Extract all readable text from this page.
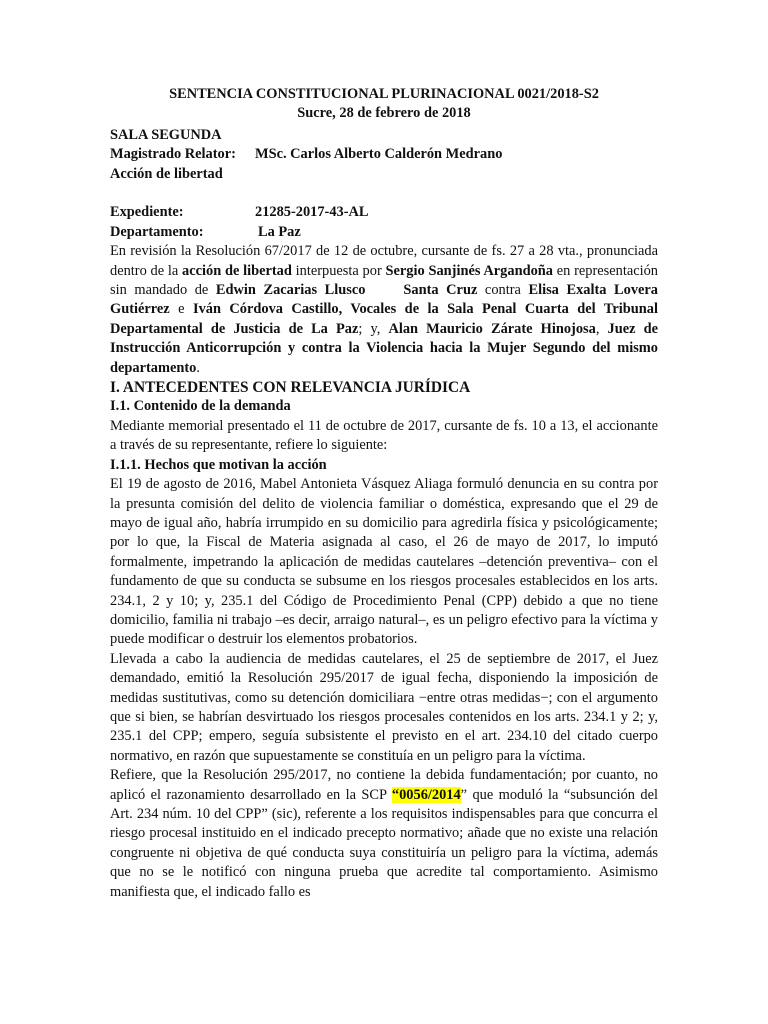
SENTENCIA CONSTITUCIONAL PLURINACIONAL 0021/2018-S2
Sucre, 28 de febrero de 2018
SALA SEGUNDA
Magistrado Relator:	MSc. Carlos Alberto Calderón Medrano
Acción de libertad
Expediente:	21285-2017-43-AL
Departamento:	La Paz

En revisión la Resolución 67/2017 de 12 de octubre, cursante de fs. 27 a 28 vta., pronunciada dentro de la acción de libertad interpuesta por Sergio Sanjinés Argandoña en representación sin mandado de Edwin Zacarias Llusco     Santa Cruz contra Elisa Exalta Lovera Gutiérrez e Iván Córdova Castillo, Vocales de la Sala Penal Cuarta del Tribunal Departamental de Justicia de La Paz; y, Alan Mauricio Zárate Hinojosa, Juez de Instrucción Anticorrupción y contra la Violencia hacia la Mujer Segundo del mismo departamento.

I. ANTECEDENTES CON RELEVANCIA JURÍDICA
I.1. Contenido de la demanda

Mediante memorial presentado el 11 de octubre de 2017, cursante de fs. 10 a 13, el accionante a través de su representante, refiere lo siguiente:

I.1.1. Hechos que motivan la acción

El 19 de agosto de 2016, Mabel Antonieta Vásquez Aliaga formuló denuncia en su contra por la presunta comisión del delito de violencia familiar o doméstica, expresando que el 29 de mayo de igual año, habría irrumpido en su domicilio para agredirla física y psicológicamente; por lo que, la Fiscal de Materia asignada al caso, el 26 de mayo de 2017, lo imputó formalmente, impetrando la aplicación de medidas cautelares –detención preventiva– con el fundamento de que su conducta se subsume en los riesgos procesales establecidos en los arts. 234.1, 2 y 10; y, 235.1 del Código de Procedimiento Penal (CPP) debido a que no tiene domicilio, familia ni trabajo –es decir, arraigo natural–, es un peligro efectivo para la víctima y puede modificar o destruir los elementos probatorios.

Llevada a cabo la audiencia de medidas cautelares, el 25 de septiembre de 2017, el Juez demandado, emitió la Resolución 295/2017 de igual fecha, disponiendo la imposición de medidas sustitutivas, como su detención domiciliara −entre otras medidas−; con el argumento que si bien, se habrían desvirtuado los riesgos procesales contenidos en los arts. 234.1 y 2; y, 235.1 del CPP; empero, seguía subsistente el previsto en el art. 234.10 del citado cuerpo normativo, en razón que supuestamente se constituía en un peligro para la víctima.

Refiere, que la Resolución 295/2017, no contiene la debida fundamentación; por cuanto, no aplicó el razonamiento desarrollado en la SCP “0056/2014” que moduló la “subsunción del Art. 234 núm. 10 del CPP” (sic), referente a los requisitos indispensables para que concurra el riesgo procesal instituido en el indicado precepto normativo; añade que no existe una relación congruente ni objetiva de qué conducta suya constituiría un peligro para la víctima, además que no se le notificó con ninguna prueba que acredite tal comportamiento. Asimismo manifiesta que, el indicado fallo es
